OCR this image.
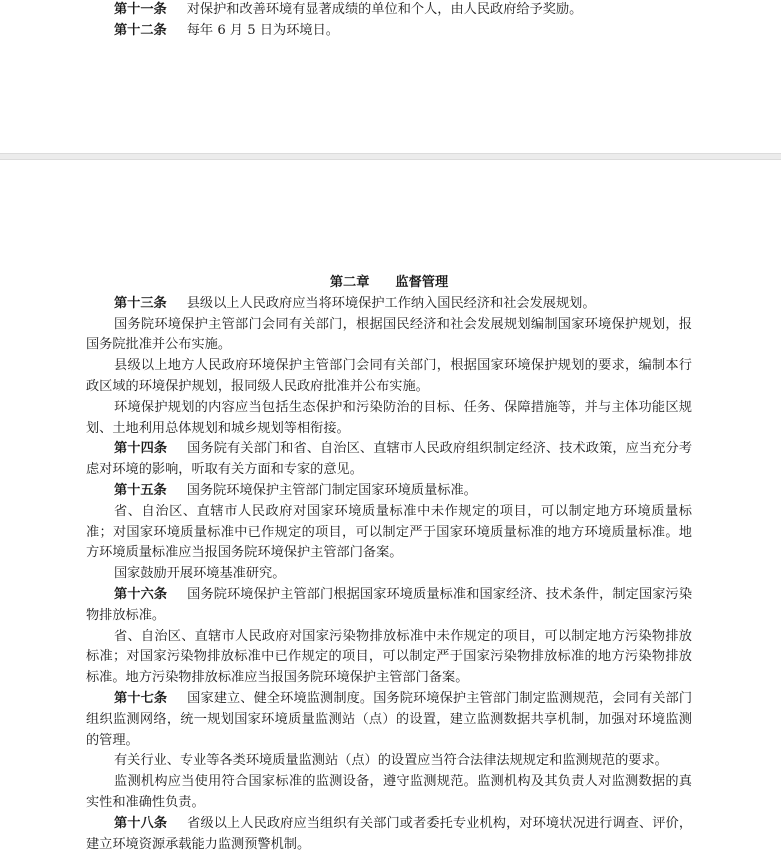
第十一条 对保护和改善环境有显著成绩的单位和个人，由人民政府给予奖励。

第十二条 每年 6 月 5 日为环境日。

第二章 监督管理

第十三条 县级以上人民政府应当将环境保护工作纳入国民经济和社会发展规划。

国务院环境保护主管部门会同有关部门，根据国民经济和社会发展规划编制国家环境保护规划，报国务院批准并公布实施。

县级以上地方人民政府环境保护主管部门会同有关部门，根据国家环境保护规划的要求，编制本行政区域的环境保护规划，报同级人民政府批准并公布实施。

环境保护规划的内容应当包括生态保护和污染防治的目标、任务、保障措施等，并与主体功能区规划、土地利用总体规划和城乡规划等相衔接。

第十四条 国务院有关部门和省、自治区、直辖市人民政府组织制定经济、技术政策，应当充分考虑对环境的影响，听取有关方面和专家的意见。

第十五条 国务院环境保护主管部门制定国家环境质量标准。

省、自治区、直辖市人民政府对国家环境质量标准中未作规定的项目，可以制定地方环境质量标准；对国家环境质量标准中已作规定的项目，可以制定严于国家环境质量标准的地方环境质量标准。地方环境质量标准应当报国务院环境保护主管部门备案。

国家鼓励开展环境基准研究。

第十六条 国务院环境保护主管部门根据国家环境质量标准和国家经济、技术条件，制定国家污染物排放标准。

省、自治区、直辖市人民政府对国家污染物排放标准中未作规定的项目，可以制定地方污染物排放标准；对国家污染物排放标准中已作规定的项目，可以制定严于国家污染物排放标准的地方污染物排放标准。地方污染物排放标准应当报国务院环境保护主管部门备案。

第十七条 国家建立、健全环境监测制度。国务院环境保护主管部门制定监测规范，会同有关部门组织监测网络，统一规划国家环境质量监测站（点）的设置，建立监测数据共享机制，加强对环境监测的管理。

有关行业、专业等各类环境质量监测站（点）的设置应当符合法律法规规定和监测规范的要求。

监测机构应当使用符合国家标准的监测设备，遵守监测规范。监测机构及其负责人对监测数据的真实性和准确性负责。

第十八条 省级以上人民政府应当组织有关部门或者委托专业机构，对环境状况进行调查、评价，建立环境资源承载能力监测预警机制。
